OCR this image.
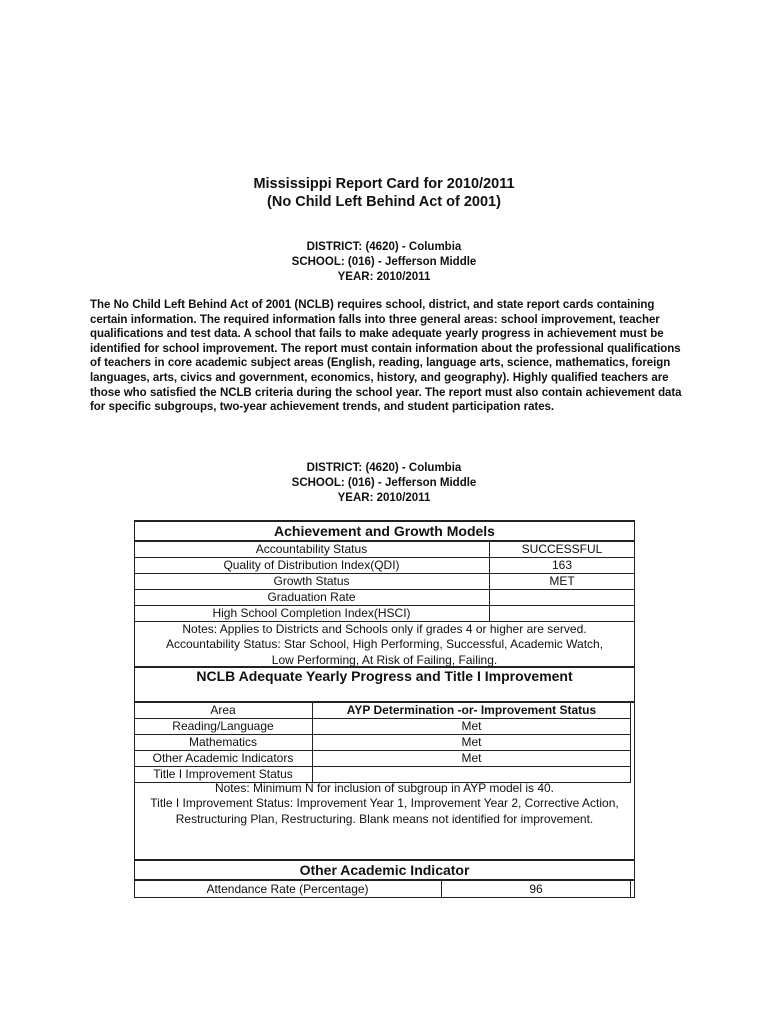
Mississippi Report Card for 2010/2011
(No Child Left Behind Act of 2001)
DISTRICT: (4620) - Columbia
SCHOOL: (016) - Jefferson Middle
YEAR: 2010/2011

The No Child Left Behind Act of 2001 (NCLB) requires school, district, and state report cards containing certain information. The required information falls into three general areas: school improvement, teacher qualifications and test data. A school that fails to make adequate yearly progress in achievement must be identified for school improvement. The report must contain information about the professional qualifications of teachers in core academic subject areas (English, reading, language arts, science, mathematics, foreign languages, arts, civics and government, economics, history, and geography). Highly qualified teachers are those who satisfied the NCLB criteria during the school year. The report must also contain achievement data for specific subgroups, two-year achievement trends, and student participation rates.

DISTRICT: (4620) - Columbia
SCHOOL: (016) - Jefferson Middle
YEAR: 2010/2011
Achievement and Growth Models
Accountability Status	SUCCESSFUL
Quality of Distribution Index(QDI)	163
Growth Status	MET
Graduation Rate
High School Completion Index(HSCI)
Notes: Applies to Districts and Schools only if grades 4 or higher are served.
Accountability Status: Star School, High Performing, Successful, Academic Watch,
Low Performing, At Risk of Failing, Failing.
NCLB Adequate Yearly Progress and Title I Improvement
Area	AYP Determination -or- Improvement Status
Reading/Language	Met
Mathematics	Met
Other Academic Indicators	Met
Title I Improvement Status
Notes: Minimum N for inclusion of subgroup in AYP model is 40.
Title I Improvement Status: Improvement Year 1, Improvement Year 2, Corrective Action,
Restructuring Plan, Restructuring. Blank means not identified for improvement.
Other Academic Indicator
Attendance Rate (Percentage)	96
